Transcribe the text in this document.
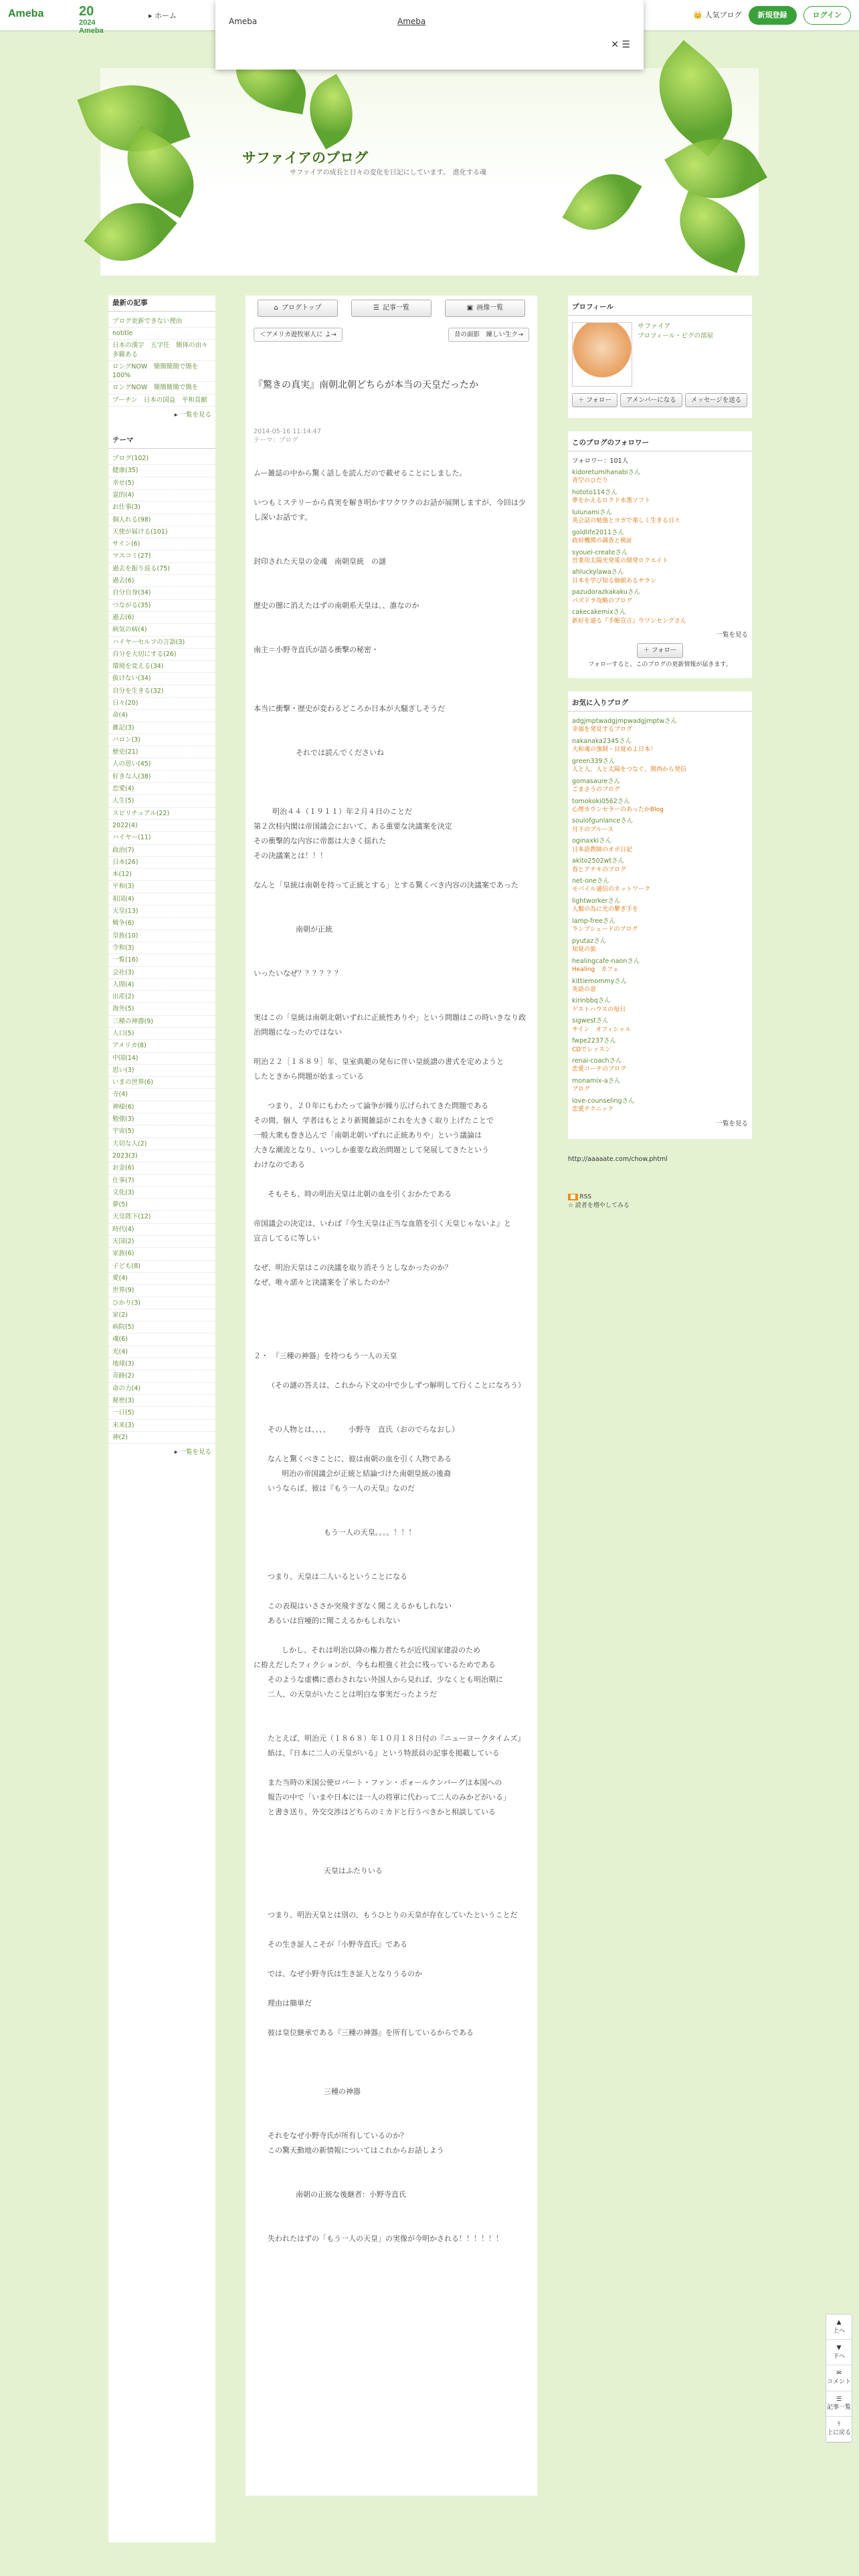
Ameba	20
2024 Ameba
▸ ホーム	👑 人気ブログ	新規登録	ログイン
Ameba	Ameba
✕ ☰
サファイアのブログ
サファイアの成長と日々の変化を日記にしています。　進化する魂
最新の記事
ブログ更新できない理由
notitle
日本の漢字　五字任　簡体の由々　多観ある
ロングNOW　簡簡簡簡で簡を　100%
ロングNOW　簡簡簡簡で簡を
プーチン　日本の国益　平和貢献
▸ 一覧を見る
テーマ
ブログ(102)
健康(35)
幸せ(5)
霊的(4)
お仕事(3)
個人れる(98)
天使が届ける(101)
サイン(6)
マスコミ(27)
過去を振り返る(75)
過去(6)
自分自身(34)
つながる(35)
過去(6)
病気の病(4)
ハイヤーセルフの言語(3)
自分を大切にする(26)
環境を変える(34)
抜けない(34)
自分を生きる(32)
日々(20)
命(4)
雑記(3)
バロン(3)
歴史(21)
人の思い(45)
好きな人(38)
恋愛(4)
人生(5)
スピリチュアル(22)
2022(4)
ハイヤー(11)
政治(7)
日本(26)
本(12)
平和(3)
祖国(4)
天皇(13)
戦争(6)
皇族(10)
令和(3)
一覧(16)
会社(3)
人間(4)
出産(2)
海外(5)
三種の神器(9)
人口(5)
アメリカ(8)
中国(14)
思い(3)
いまの世界(6)
寺(4)
神様(6)
勉強(3)
宇宙(5)
大切な人(2)
2023(3)
お金(6)
仕事(7)
文化(3)
夢(5)
天皇陛下(12)
時代(4)
天国(2)
家族(6)
子ども(8)
愛(4)
世界(9)
ひかり(3)
家(2)
病院(5)
魂(6)
光(4)
地球(3)
奇跡(2)
命の力(4)
秘密(3)
一日(5)
未来(3)
神(2)
▸ 一覧を見る
⌂ ブログトップ	☰ 記事一覧	▣ 画像一覧
＜アメリカ遊牧軍人に よ→	昔の面影　練しい生ク→
『驚きの真実』南朝北朝どちらが本当の天皇だったか
2014-05-16 11:14:47
テーマ：ブログ
ムー雑誌の中から驚く話しを読んだので載せることにしました。

いつもミステリーから真実を解き明かすワクワクのお話が展開しますが、今回は少し深いお話です。

封印された天皇の金魂　南朝皇統　の謎

歴史の闇に消えたはずの南朝系天皇は、、誰なのか

南主＝小野寺直氏が語る衝撃の秘密・

本当に衝撃・歴史が変わるどころか日本が大騒ぎしそうだ

それでは読んでくださいね

明治４４（１９１１）年２月４日のことだ
第２次桂内閣は帝国議会において、ある重要な決議案を決定
その衝撃的な内容に帝都は大きく揺れた
その決議案とは！！！

なんと「皇統は南朝を持って正統とする」とする驚くべき内容の決議案であった

南朝が正統

いったいなぜ？？？？？？

実はこの「皇統は南朝北朝いずれに正統性ありや」という問題はこの時いきなり政治問題になったのではない

明治２２［１８８９］年、皇室典範の発布に伴い皇統譜の書式を定めようと
したときから問題が始まっている

つまり、２０年にもわたって論争が繰り広げられてきた問題である
その間、個人  学者はもとより新聞雑誌がこれを大きく取り上げたことで
一般大衆も巻き込んで「南朝北朝いずれに正統ありや」という議論は
大きな潮流となり、いつしか重要な政治問題として発展してきたという
わけなのである

そもそも、時の明治天皇は北朝の血を引くおかたである

帝国議会の決定は、いわば『今生天皇は正当な血筋を引く天皇じゃないよ』と
宣言してるに等しい

なぜ、明治天皇はこの決議を取り消そうとしなかったのか？
なぜ、唯々諾々と決議案を了承したのか？

２・　『三種の神器』を持つもう一人の天皇

（その謎の答えは、これから下文の中で少しずつ解明して行くことになろう）

その人物とは、、、、　　　小野寺　直氏（おのでらなおし）

なんと驚くべきことに、彼は南朝の血を引く人物である
明治の帝国議会が正統と結論づけた南朝皇統の後裔
いうならば、彼は『もう一人の天皇』なのだ

もう一人の天皇。。。。！！！

つまり、天皇は二人いるということになる

この表現はいささか突飛すぎなく聞こえるかもしれない
あるいは盲唖的に聞こえるかもしれない

しかし、それは明治以降の権力者たちが近代国家建設のため
に拵えだしたフィクションが、今もね根強く社会に残っているためである
そのような虚構に惑わされない外国人から見れば、少なくとも明治期に
二人、の天皇がいたことは明白な事実だったようだ

たとえば、明治元（１８６８）年１０月１８日付の『ニューヨークタイムズ』
紙は、『日本に二人の天皇がいる』という特派員の記事を掲載している

また当時の米国公使ロバート・ファン・ボォールクンバーグは本国への
報告の中で「いまや日本には一人の将軍に代わって二人のみかどがいる」
と書き送り、外交交渉はどちらのミカドと行うべきかと相談している

天皇はふたりいる

つまり、明治天皇とは別の、もうひとりの天皇が存在していたということだ

その生き証人こそが『小野寺直氏』である

では、なぜ小野寺氏は生き証人となりうるのか

理由は簡単だ

彼は皇位継承である『三種の神器』を所有しているからである

三種の神器

それをなぜ小野寺氏が所有しているのか？
この驚天動地の新情報についてはこれからお話しよう

南朝の正統な後継者：小野寺直氏

失われたはずの「もう一人の天皇」の実像が今明かされる！！！！！！
プロフィール
サファイア
プロフィール・ピグの部屋
＋ フォロー	アメンバーになる	メッセージを送る
このブログのフォロワー
フォロワー：101人
kidoretumihanabiさん
青空のひだり
hototo114さん
夢をかえるロクド水墨ソフト
lulunamiさん
英会話の勉強とヨガで楽しく生きる日々
goldlife2011さん
政府機関の調査と検証
syouei-createさん
営業用太陽光発電の開発ロクエイト
ahluckylawaさん
日本を学び知る価値あるサラン
pazudorazkakakuさん
パズドラ攻略のブログ
cakecakemixさん
新好を通る『手帳宣言』ウワンセングさん
一覧を見る
＋ フォロー
フォローすると、このブログの更新情報が届きます。
お気に入りブログ
adgjmptwadgjmpwadgjmptwさん
幸福を発見するブログ
nakanaka2345さん
大和魂の強制・目覚めよ日本！
green339さん
人と人、人と太陽をつなぐ、関西から発信
gomasaureさん
ごまさうのブログ
tomokoki0562さん
心理カウンセラーのあったかBlog
soulofgunlanceさん
月下のブルース
oginaxkiさん
日本語教師のオポ日記
akito2502wtさん
春とアチキのブログ
net-oneさん
モバイル通信のネットワーク
lightworkerさん
人類の為に光の繋ぎ手を
lamp-freeさん
ランプシェードのブログ
pyutazさん
知覚の旅
healingcafe-naonさん
Healing　カフェ
kittiemommyさん
英語の窓
kirinbbqさん
ゲストハウスの毎日
sigwestさん
サイン　オフィシャル
fwpe2237さん
CDでレッスン
renai-coachさん
恋愛コーチのブログ
monamix-aさん
ブログ
love-counselingさん
恋愛テクニック
一覧を見る
http://aaaaate.com/chow.phtml
■ RSS
☆ 読者を増やしてみる
▲
上へ
▼
下へ
✉
コメント
☰
記事一覧
⤒
上に戻る
